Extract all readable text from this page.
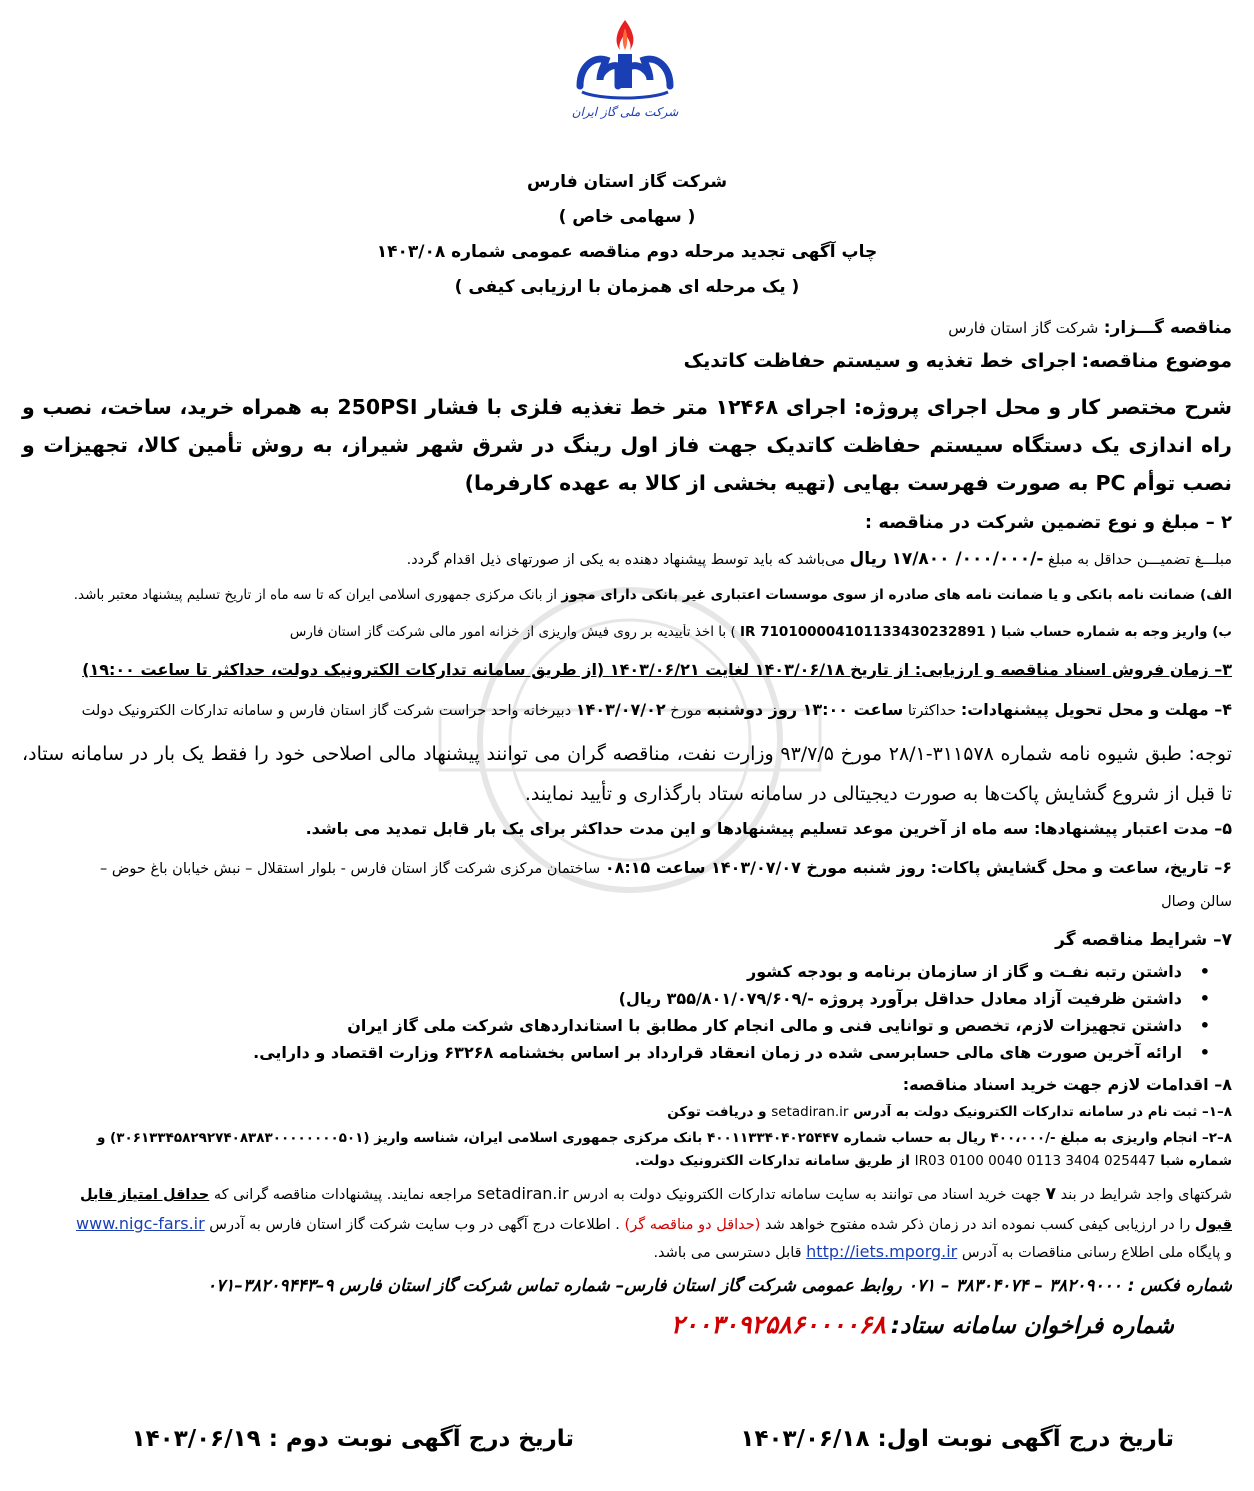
شرکت ملی گاز ایران
شرکت گاز استان فارس
( سهامی خاص )
چاپ آگهی تجدید مرحله دوم مناقصه عمومی شماره ۱۴۰۳/۰۸
( یک مرحله ای همزمان با ارزیابی کیفی )
مناقصه گـــزار: شرکت گاز استان فارس
موضوع مناقصه: اجرای خط تغذیه و سیستم حفاظت کاتدیک
شرح مختصر کار و محل اجرای پروژه: اجرای ۱۲۴۶۸ متر خط تغذیه فلزی با فشار 250PSI به همراه خرید، ساخت، نصب و راه اندازی یک دستگاه سیستم حفاظت کاتدیک جهت فاز اول رینگ در شرق شهر شیراز، به روش تأمین کالا، تجهیزات و نصب توأم PC به صورت فهرست بهایی (تهیه بخشی از کالا به عهده کارفرما)
۲ – مبلغ و نوع تضمین شرکت در مناقصه :
مبلـــغ تضمیـــن حداقل به مبلغ -/۰۰۰/۰۰۰/ ۱۷/۸۰۰ ریال می‌باشد که باید توسط پیشنهاد دهنده به یکی از صورتهای ذیل اقدام گردد.
الف) ضمانت نامه بانکی و یا ضمانت نامه های صادره از سوی موسسات اعتباری غیر بانکی دارای مجوز از بانک مرکزی جمهوری اسلامی ایران که تا سه ماه از تاریخ تسلیم پیشنهاد معتبر باشد.
ب) واریز وجه به شماره حساب شبا ( IR 710100004101133430232891 ) با اخذ تأییدیه بر روی فیش واریزی از خزانه امور مالی شرکت گاز استان فارس
۳– زمان فروش اسناد مناقصه و ارزیابی: از تاریخ ۱۴۰۳/۰۶/۱۸ لغایت ۱۴۰۳/۰۶/۲۱ (از طریق سامانه تدارکات الکترونیک دولت، حداکثر تا ساعت ۱۹:۰۰)
۴– مهلت و محل تحویل پیشنهادات: حداکثرتا ساعت ۱۳:۰۰ روز دوشنبه مورخ ۱۴۰۳/۰۷/۰۲ دبیرخانه واحد حراست شرکت گاز استان فارس و سامانه تدارکات الکترونیک دولت
توجه: طبق شیوه نامه شماره ۳۱۱۵۷۸-۲۸/۱ مورخ ۹۳/۷/۵ وزارت نفت، مناقصه گران می توانند پیشنهاد مالی اصلاحی خود را فقط یک بار در سامانه ستاد، تا قبل از شروع گشایش پاکت‌ها به صورت دیجیتالی در سامانه ستاد بارگذاری و تأیید نمایند.
۵– مدت اعتبار پیشنهادها: سه ماه از آخرین موعد تسلیم پیشنهادها و این مدت حداکثر برای یک بار قابل تمدید می باشد.
۶– تاریخ، ساعت و محل گشایش پاکات: روز شنبه مورخ ۱۴۰۳/۰۷/۰۷ ساعت ۰۸:۱۵ ساختمان مرکزی شرکت گاز استان فارس - بلوار استقلال – نبش خیابان باغ حوض –
سالن وصال
۷– شرایط مناقصه گر
• داشتن رتبه نفـت و گاز از سازمان برنامه و بودجه کشور
• داشتن ظرفیت آزاد معادل حداقل برآورد پروژه -/۳۵۵/۸۰۱/۰۷۹/۶۰۹ ریال)
• داشتن تجهیزات لازم، تخصص و توانایی فنی و مالی انجام کار مطابق با استانداردهای شرکت ملی گاز ایران
• ارائه آخرین صورت های مالی حسابرسی شده در زمان انعقاد قرارداد بر اساس بخشنامه ۶۳۲۶۸ وزارت اقتصاد و دارایی.
۸– اقدامات لازم جهت خرید اسناد مناقصه:
۸–۱– ثبت نام در سامانه تدارکات الکترونیک دولت به آدرس setadiran.ir و دریافت توکن
۸–۲– انجام واریزی به مبلغ -/۴۰۰،۰۰۰ ریال به حساب شماره ۴۰۰۱۱۳۳۴۰۴۰۲۵۴۴۷ بانک مرکزی جمهوری اسلامی ایران، شناسه واریز (۳۰۶۱۳۳۴۵۸۲۹۲۷۴۰۸۳۸۳۰۰۰۰۰۰۰۰۵۰۱) و
شماره شبا IR03 0100 0040 0113 3404 025447 از طریق سامانه تدارکات الکترونیک دولت.
شرکتهای واجد شرایط در بند ۷ جهت خرید اسناد می توانند به سایت سامانه تدارکات الکترونیک دولت به ادرس setadiran.ir مراجعه نمایند. پیشنهادات مناقصه گرانی که حداقل امتیاز قابل
قبول را در ارزیابی کیفی کسب نموده اند در زمان ذکر شده مفتوح خواهد شد (حداقل دو مناقصه گر) . اطلاعات درج آگهی در وب سایت شرکت گاز استان فارس به آدرس www.nigc-fars.ir
و پایگاه ملی اطلاع رسانی مناقصات به آدرس http://iets.mporg.ir قابل دسترسی می باشد.
شماره فکس : ۳۸۲۰۹۰۰۰ – ۳۸۳۰۴۰۷۴ – ۰۷۱ روابط عمومی شرکت گاز استان فارس– شماره تماس شرکت گاز استان فارس ۹–۳۸۲۰۹۴۴۳–۰۷۱
شماره فراخوان سامانه ستاد: ۲۰۰۳۰۹۲۵۸۶۰۰۰۰۶۸
تاریخ درج آگهی نوبت اول: ۱۴۰۳/۰۶/۱۸
تاریخ درج آگهی نوبت دوم : ۱۴۰۳/۰۶/۱۹
